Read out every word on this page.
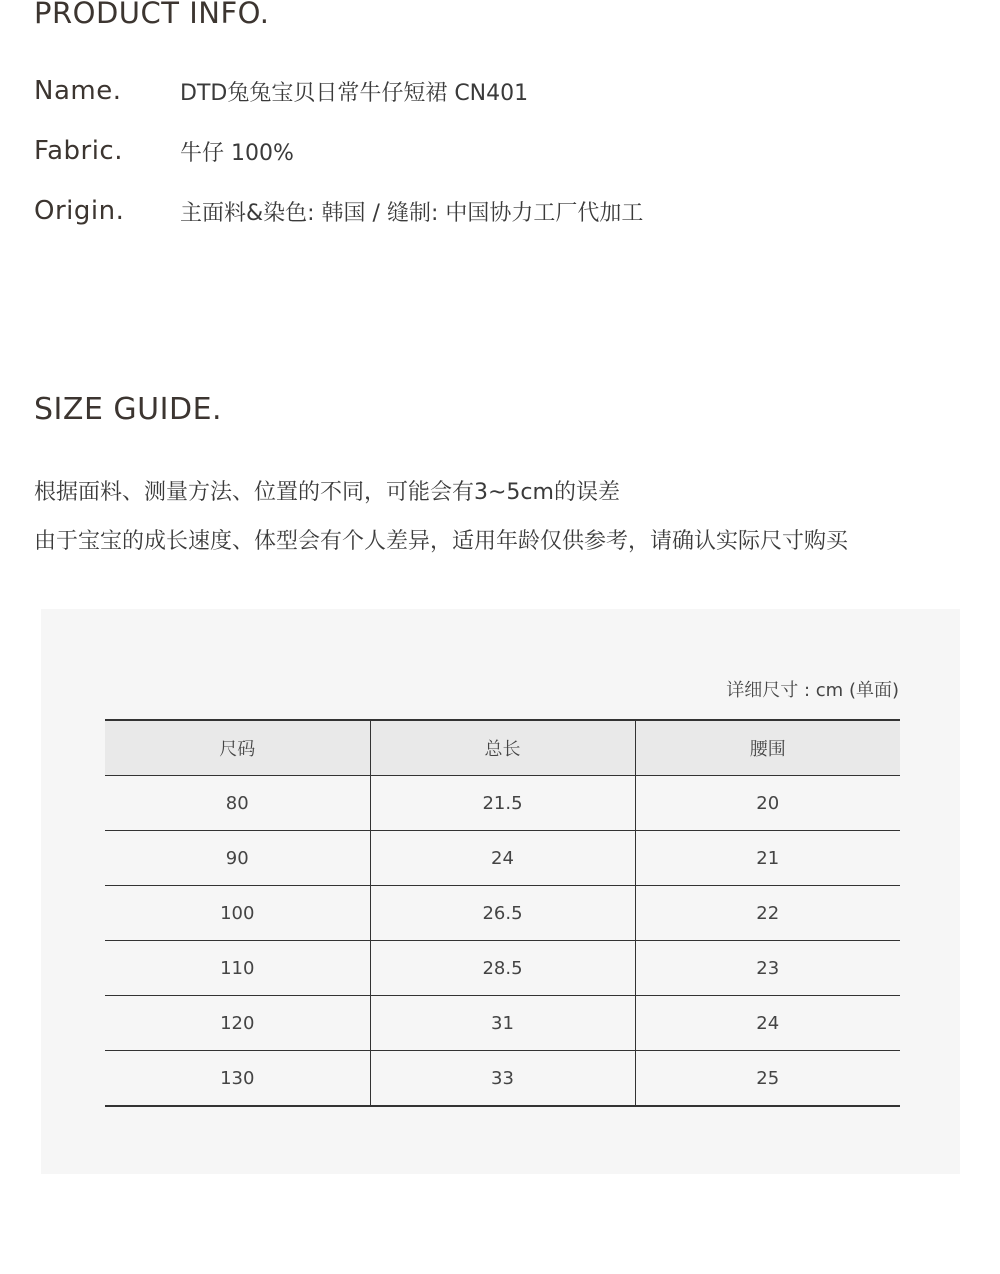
PRODUCT INFO.
Name.	DTD兔兔宝贝日常牛仔短裙 CN401
Fabric.	牛仔 100%
Origin.	主面料&染色: 韩国 / 缝制: 中国协力工厂代加工
SIZE GUIDE.

根据面料、测量方法、位置的不同，可能会有3~5cm的误差

由于宝宝的成长速度、体型会有个人差异，适用年龄仅供参考，请确认实际尺寸购买

详细尺寸 : cm (单面)
尺码	总长	腰围
80	21.5	20
90	24	21
100	26.5	22
110	28.5	23
120	31	24
130	33	25
